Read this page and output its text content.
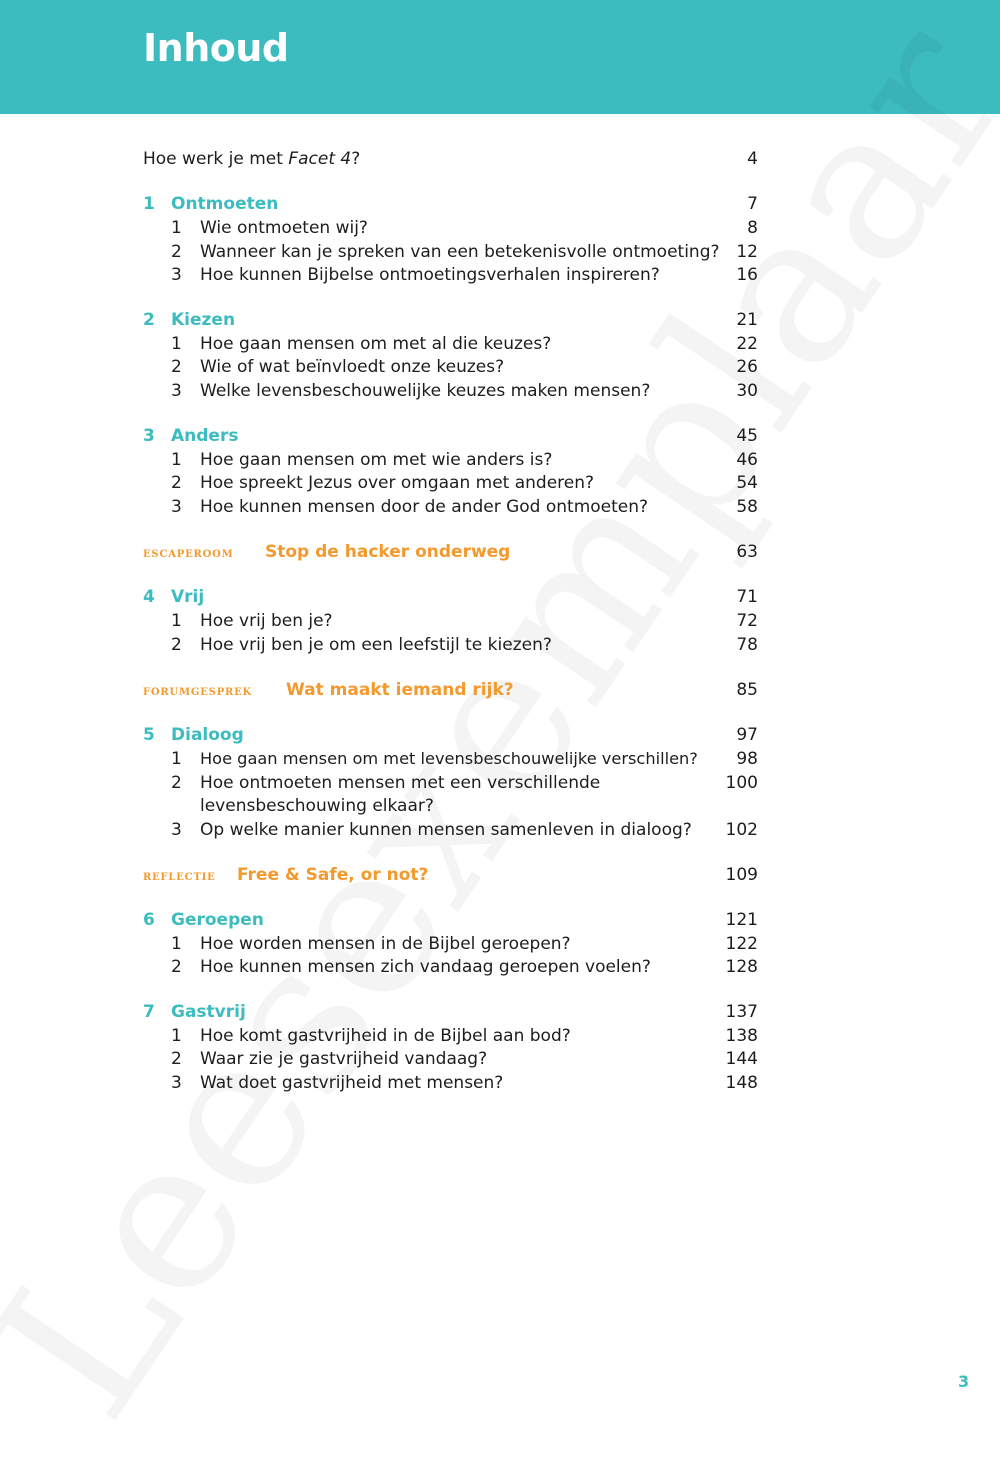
Inhoud
Hoe werk je met Facet 4?	4
1 Ontmoeten	7
1 Wie ontmoeten wij?	8
2 Wanneer kan je spreken van een betekenisvolle ontmoeting? 12
3 Hoe kunnen Bijbelse ontmoetingsverhalen inspireren?	16
2 Kiezen	21
1 Hoe gaan mensen om met al die keuzes?	22
2 Wie of wat beïnvloedt onze keuzes?	26
3 Welke levensbeschouwelijke keuzes maken mensen?	30
3 Anders	45
1 Hoe gaan mensen om met wie anders is?	46
2 Hoe spreekt Jezus over omgaan met anderen?	54
3 Hoe kunnen mensen door de ander God ontmoeten?	58
escaperoom Stop de hacker onderweg	63
4 Vrij	71
1 Hoe vrij ben je?	72
2 Hoe vrij ben je om een leefstijl te kiezen?	78
forumgesprek Wat maakt iemand rijk?	85
5 Dialoog	97
1 Hoe gaan mensen om met levensbeschouwelijke verschillen? 98
2 Hoe ontmoeten mensen met een verschillende	100
levensbeschouwing elkaar?
3 Op welke manier kunnen mensen samenleven in dialoog? 102
reflectie Free & Safe, or not?	109
6 Geroepen	121
1 Hoe worden mensen in de Bijbel geroepen?	122
2 Hoe kunnen mensen zich vandaag geroepen voelen?	128
7 Gastvrij	137
1 Hoe komt gastvrijheid in de Bijbel aan bod?	138
2 Waar zie je gastvrijheid vandaag?	144
3 Wat doet gastvrijheid met mensen?	148
3
